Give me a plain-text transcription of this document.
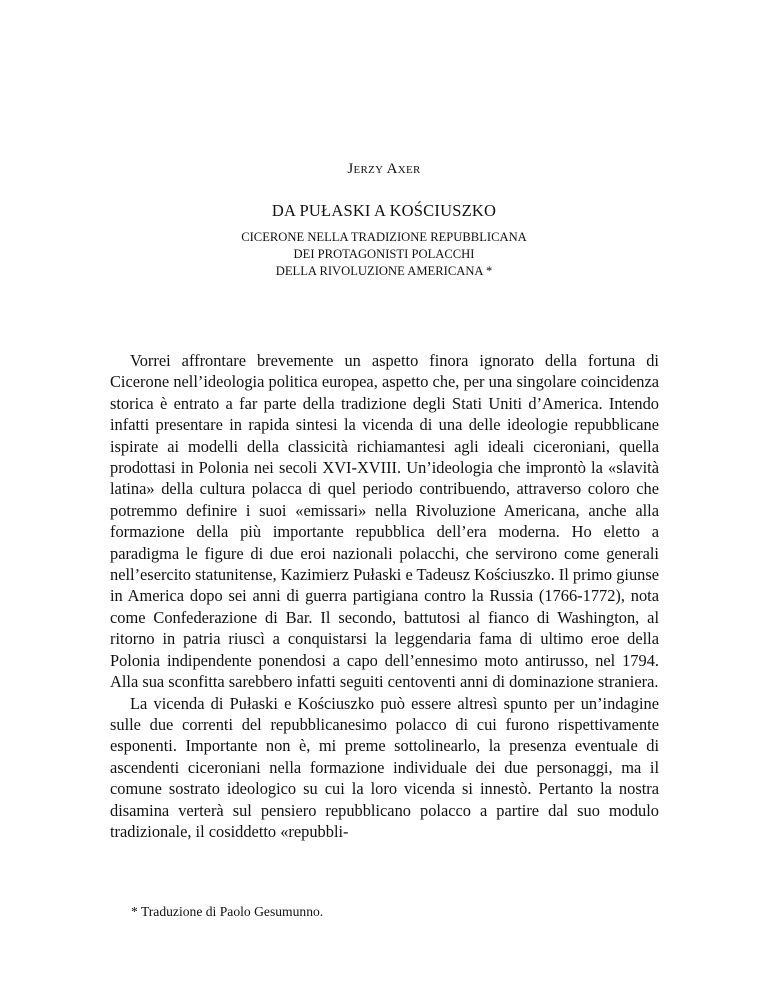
Jerzy Axer
DA PUŁASKI A KOŚCIUSZKO
CICERONE NELLA TRADIZIONE REPUBBLICANA
DEI PROTAGONISTI POLACCHI
DELLA RIVOLUZIONE AMERICANA *

Vorrei affrontare brevemente un aspetto finora ignorato della fortuna di Cicerone nell’ideologia politica europea, aspetto che, per una singolare coincidenza storica è entrato a far parte della tradizione degli Stati Uniti d’America. Intendo infatti presentare in rapida sintesi la vicenda di una delle ideologie repubblicane ispirate ai modelli della classicità richiamantesi agli ideali ciceroniani, quella prodottasi in Polonia nei secoli XVI-XVIII. Un’ideologia che improntò la «slavità latina» della cultura polacca di quel periodo contribuendo, attraverso coloro che potremmo definire i suoi «emissari» nella Rivoluzione Americana, anche alla formazione della più importante repubblica dell’era moderna. Ho eletto a paradigma le figure di due eroi nazionali polacchi, che servirono come generali nell’esercito statunitense, Kazimierz Pułaski e Tadeusz Kościuszko. Il primo giunse in America dopo sei anni di guerra partigiana contro la Russia (1766-1772), nota come Confederazione di Bar. Il secondo, battutosi al fianco di Washington, al ritorno in patria riuscì a conquistarsi la leggendaria fama di ultimo eroe della Polonia indipendente ponendosi a capo dell’ennesimo moto antirusso, nel 1794. Alla sua sconfitta sarebbero infatti seguiti centoventi anni di dominazione straniera.

La vicenda di Pułaski e Kościuszko può essere altresì spunto per un’indagine sulle due correnti del repubblicanesimo polacco di cui furono rispettivamente esponenti. Importante non è, mi preme sottolinearlo, la presenza eventuale di ascendenti ciceroniani nella formazione individuale dei due personaggi, ma il comune sostrato ideologico su cui la loro vicenda si innestò. Pertanto la nostra disamina verterà sul pensiero repubblicano polacco a partire dal suo modulo tradizionale, il cosiddetto «repubbli-

* Traduzione di Paolo Gesumunno.
